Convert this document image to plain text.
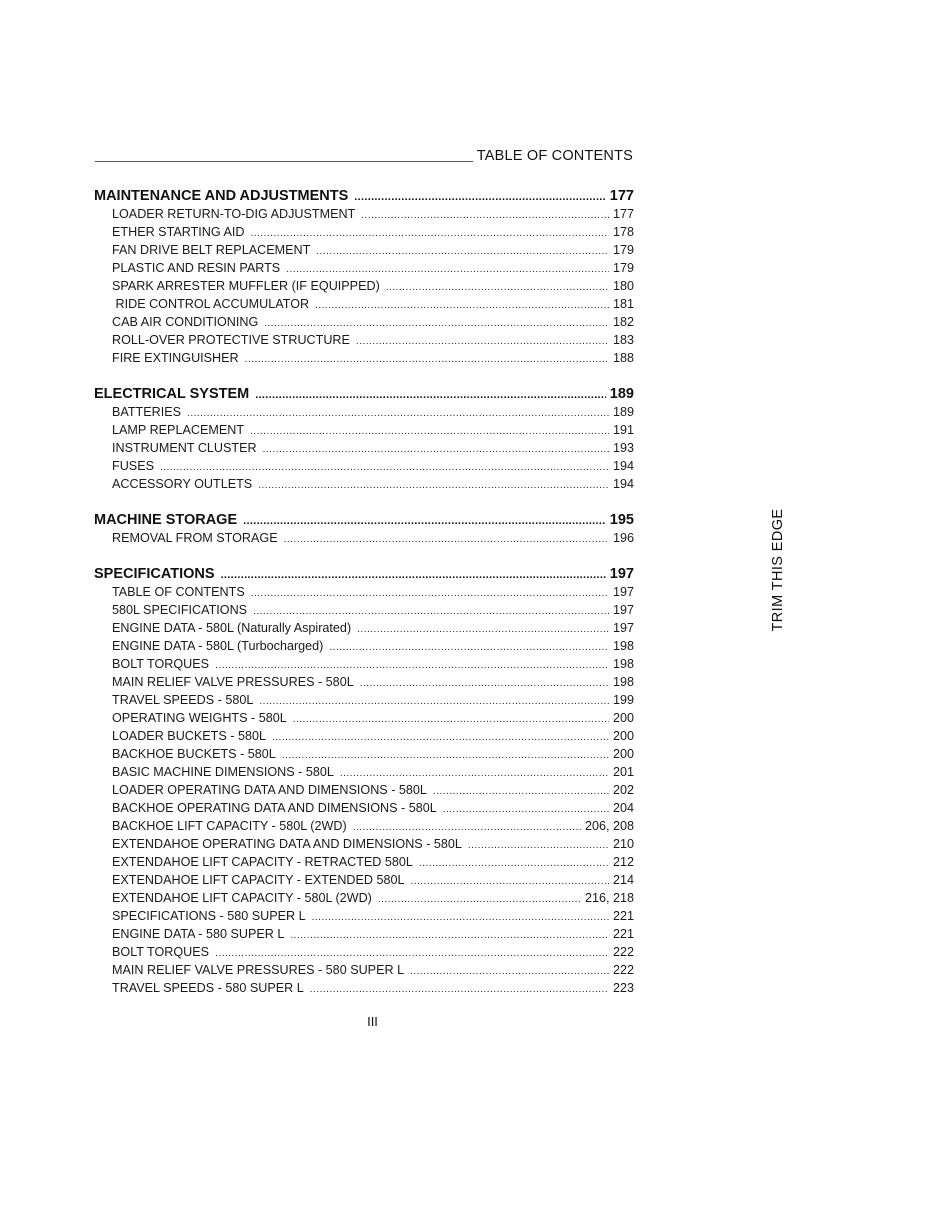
TABLE OF CONTENTS
MAINTENANCE AND ADJUSTMENTS .....	177
LOADER RETURN-TO-DIG ADJUSTMENT .....	177
ETHER STARTING AID .....	178
FAN DRIVE BELT REPLACEMENT .....	179
PLASTIC AND RESIN PARTS .....	179
SPARK ARRESTER MUFFLER (IF EQUIPPED) .....	180
RIDE CONTROL ACCUMULATOR .....	181
CAB AIR CONDITIONING .....	182
ROLL-OVER PROTECTIVE STRUCTURE .....	183
FIRE EXTINGUISHER .....	188
ELECTRICAL SYSTEM .....	189
BATTERIES .....	189
LAMP REPLACEMENT .....	191
INSTRUMENT CLUSTER .....	193
FUSES .....	194
ACCESSORY OUTLETS .....	194
MACHINE STORAGE .....	195
REMOVAL FROM STORAGE .....	196
SPECIFICATIONS .....	197
TABLE OF CONTENTS .....	197
580L SPECIFICATIONS .....	197
ENGINE DATA - 580L (Naturally Aspirated) .....	197
ENGINE DATA - 580L (Turbocharged) .....	198
BOLT TORQUES .....	198
MAIN RELIEF VALVE PRESSURES - 580L .....	198
TRAVEL SPEEDS - 580L .....	199
OPERATING WEIGHTS - 580L .....	200
LOADER BUCKETS - 580L .....	200
BACKHOE BUCKETS - 580L .....	200
BASIC MACHINE DIMENSIONS - 580L .....	201
LOADER OPERATING DATA AND DIMENSIONS - 580L .....	202
BACKHOE OPERATING DATA AND DIMENSIONS - 580L .....	204
BACKHOE LIFT CAPACITY - 580L (2WD) .....	206, 208
EXTENDAHOE OPERATING DATA AND DIMENSIONS - 580L .....	210
EXTENDAHOE LIFT CAPACITY - RETRACTED 580L .....	212
EXTENDAHOE LIFT CAPACITY - EXTENDED 580L .....	214
EXTENDAHOE LIFT CAPACITY - 580L (2WD) .....	216, 218
SPECIFICATIONS - 580 SUPER L .....	221
ENGINE DATA - 580 SUPER L .....	221
BOLT TORQUES .....	222
MAIN RELIEF VALVE PRESSURES - 580 SUPER L .....	222
TRAVEL SPEEDS - 580 SUPER L .....	223
TRIM THIS EDGE
III
